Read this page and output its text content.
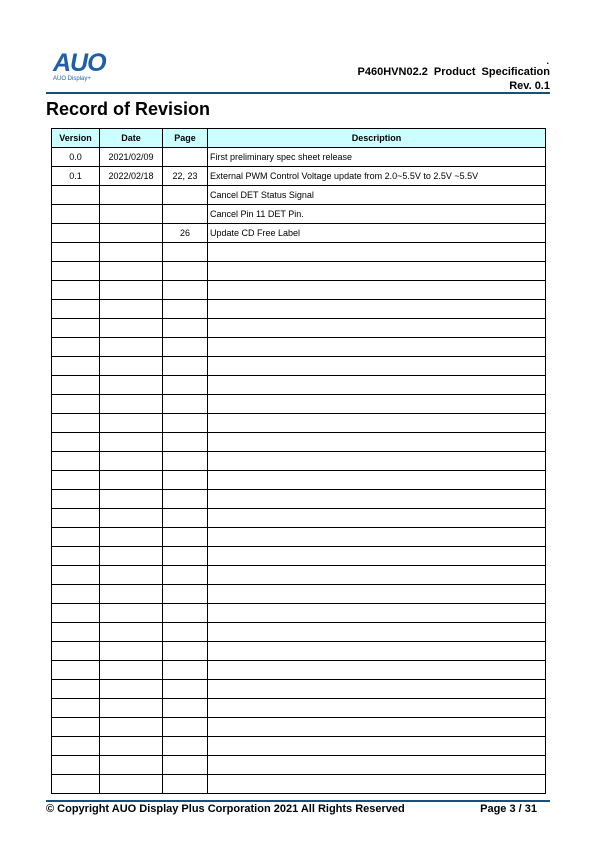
AUO
AUO Display+
.
P460HVN02.2 Product Specification
Rev. 0.1
Record of Revision
Version	Date	Page	Description
0.0	2021/02/09		First preliminary spec sheet release
0.1	2022/02/18	22, 23	External PWM Control Voltage update from 2.0~5.5V to 2.5V ~5.5V
			Cancel DET Status Signal
			Cancel Pin 11 DET Pin.
		26	Update CD Free Label

© Copyright AUO Display Plus Corporation 2021 All Rights Reserved	Page 3 / 31
